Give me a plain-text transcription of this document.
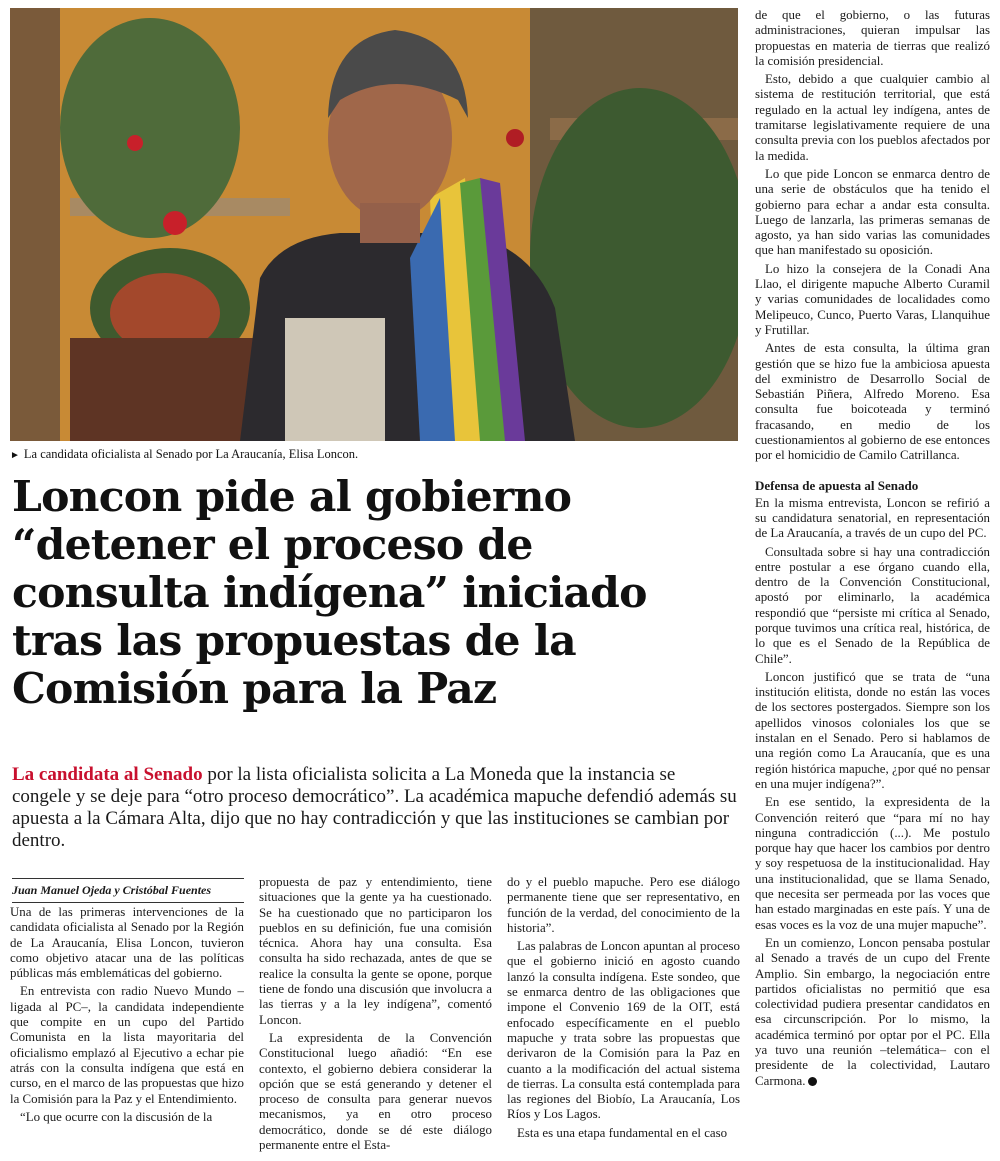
► La candidata oficialista al Senado por La Araucanía, Elisa Loncon.
Loncon pide al gobierno “detener el proceso de consulta indígena” iniciado tras las propuestas de la Comisión para la Paz

La candidata al Senado por la lista oficialista solicita a La Moneda que la instancia se congele y se deje para “otro proceso democrático”. La académica mapuche defendió además su apuesta a la Cámara Alta, dijo que no hay contradicción y que las instituciones se cambian por dentro.

Juan Manuel Ojeda y Cristóbal Fuentes

Una de las primeras intervenciones de la candidata oficialista al Senado por la Región de La Araucanía, Elisa Loncon, tuvieron como objetivo atacar una de las políticas públicas más emblemáticas del gobierno.

En entrevista con radio Nuevo Mundo –ligada al PC–, la candidata independiente que compite en un cupo del Partido Comunista en la lista mayoritaria del oficialismo emplazó al Ejecutivo a echar pie atrás con la consulta indígena que está en curso, en el marco de las propuestas que hizo la Comisión para la Paz y el Entendimiento.

“Lo que ocurre con la discusión de la

propuesta de paz y entendimiento, tiene situaciones que la gente ya ha cuestionado. Se ha cuestionado que no participaron los pueblos en su definición, fue una comisión técnica. Ahora hay una consulta. Esa consulta ha sido rechazada, antes de que se realice la consulta la gente se opone, porque tiene de fondo una discusión que involucra a las tierras y a la ley indígena”, comentó Loncon.

La expresidenta de la Convención Constitucional luego añadió: “En ese contexto, el gobierno debiera considerar la opción que se está generando y detener el proceso de consulta para generar nuevos mecanismos, ya en otro proceso democrático, donde se dé este diálogo permanente entre el Esta-

do y el pueblo mapuche. Pero ese diálogo permanente tiene que ser representativo, en función de la verdad, del conocimiento de la historia”.

Las palabras de Loncon apuntan al proceso que el gobierno inició en agosto cuando lanzó la consulta indígena. Este sondeo, que se enmarca dentro de las obligaciones que impone el Convenio 169 de la OIT, está enfocado específicamente en el pueblo mapuche y trata sobre las propuestas que derivaron de la Comisión para la Paz en cuanto a la modificación del actual sistema de tierras. La consulta está contemplada para las regiones del Biobío, La Araucanía, Los Ríos y Los Lagos.

Esta es una etapa fundamental en el caso

de que el gobierno, o las futuras administraciones, quieran impulsar las propuestas en materia de tierras que realizó la comisión presidencial.

Esto, debido a que cualquier cambio al sistema de restitución territorial, que está regulado en la actual ley indígena, antes de tramitarse legislativamente requiere de una consulta previa con los pueblos afectados por la medida.

Lo que pide Loncon se enmarca dentro de una serie de obstáculos que ha tenido el gobierno para echar a andar esta consulta. Luego de lanzarla, las primeras semanas de agosto, ya han sido varias las comunidades que han manifestado su oposición.

Lo hizo la consejera de la Conadi Ana Llao, el dirigente mapuche Alberto Curamil y varias comunidades de localidades como Melipeuco, Cunco, Puerto Varas, Llanquihue y Frutillar.

Antes de esta consulta, la última gran gestión que se hizo fue la ambiciosa apuesta del exministro de Desarrollo Social de Sebastián Piñera, Alfredo Moreno. Esa consulta fue boicoteada y terminó fracasando, en medio de los cuestionamientos al gobierno de ese entonces por el homicidio de Camilo Catrillanca.

Defensa de apuesta al Senado

En la misma entrevista, Loncon se refirió a su candidatura senatorial, en representación de La Araucanía, a través de un cupo del PC.

Consultada sobre si hay una contradicción entre postular a ese órgano cuando ella, dentro de la Convención Constitucional, apostó por eliminarlo, la académica respondió que “persiste mi crítica al Senado, porque tuvimos una crítica real, histórica, de lo que es el Senado de la República de Chile”.

Loncon justificó que se trata de “una institución elitista, donde no están las voces de los sectores postergados. Siempre son los apellidos vinosos coloniales los que se instalan en el Senado. Pero si hablamos de una región como La Araucanía, que es una región histórica mapuche, ¿por qué no pensar en una mujer indígena?”.

En ese sentido, la expresidenta de la Convención reiteró que “para mí no hay ninguna contradicción (...). Me postulo porque hay que hacer los cambios por dentro y soy respetuosa de la institucionalidad. Hay una institucionalidad, que se llama Senado, que necesita ser permeada por las voces que han estado marginadas en este país. Y una de esas voces es la voz de una mujer mapuche”.

En un comienzo, Loncon pensaba postular al Senado a través de un cupo del Frente Amplio. Sin embargo, la negociación entre partidos oficialistas no permitió que esa colectividad pudiera presentar candidatos en esa circunscripción. Por lo mismo, la académica terminó por optar por el PC. Ella ya tuvo una reunión –telemática– con el presidente de la colectividad, Lautaro Carmona.
